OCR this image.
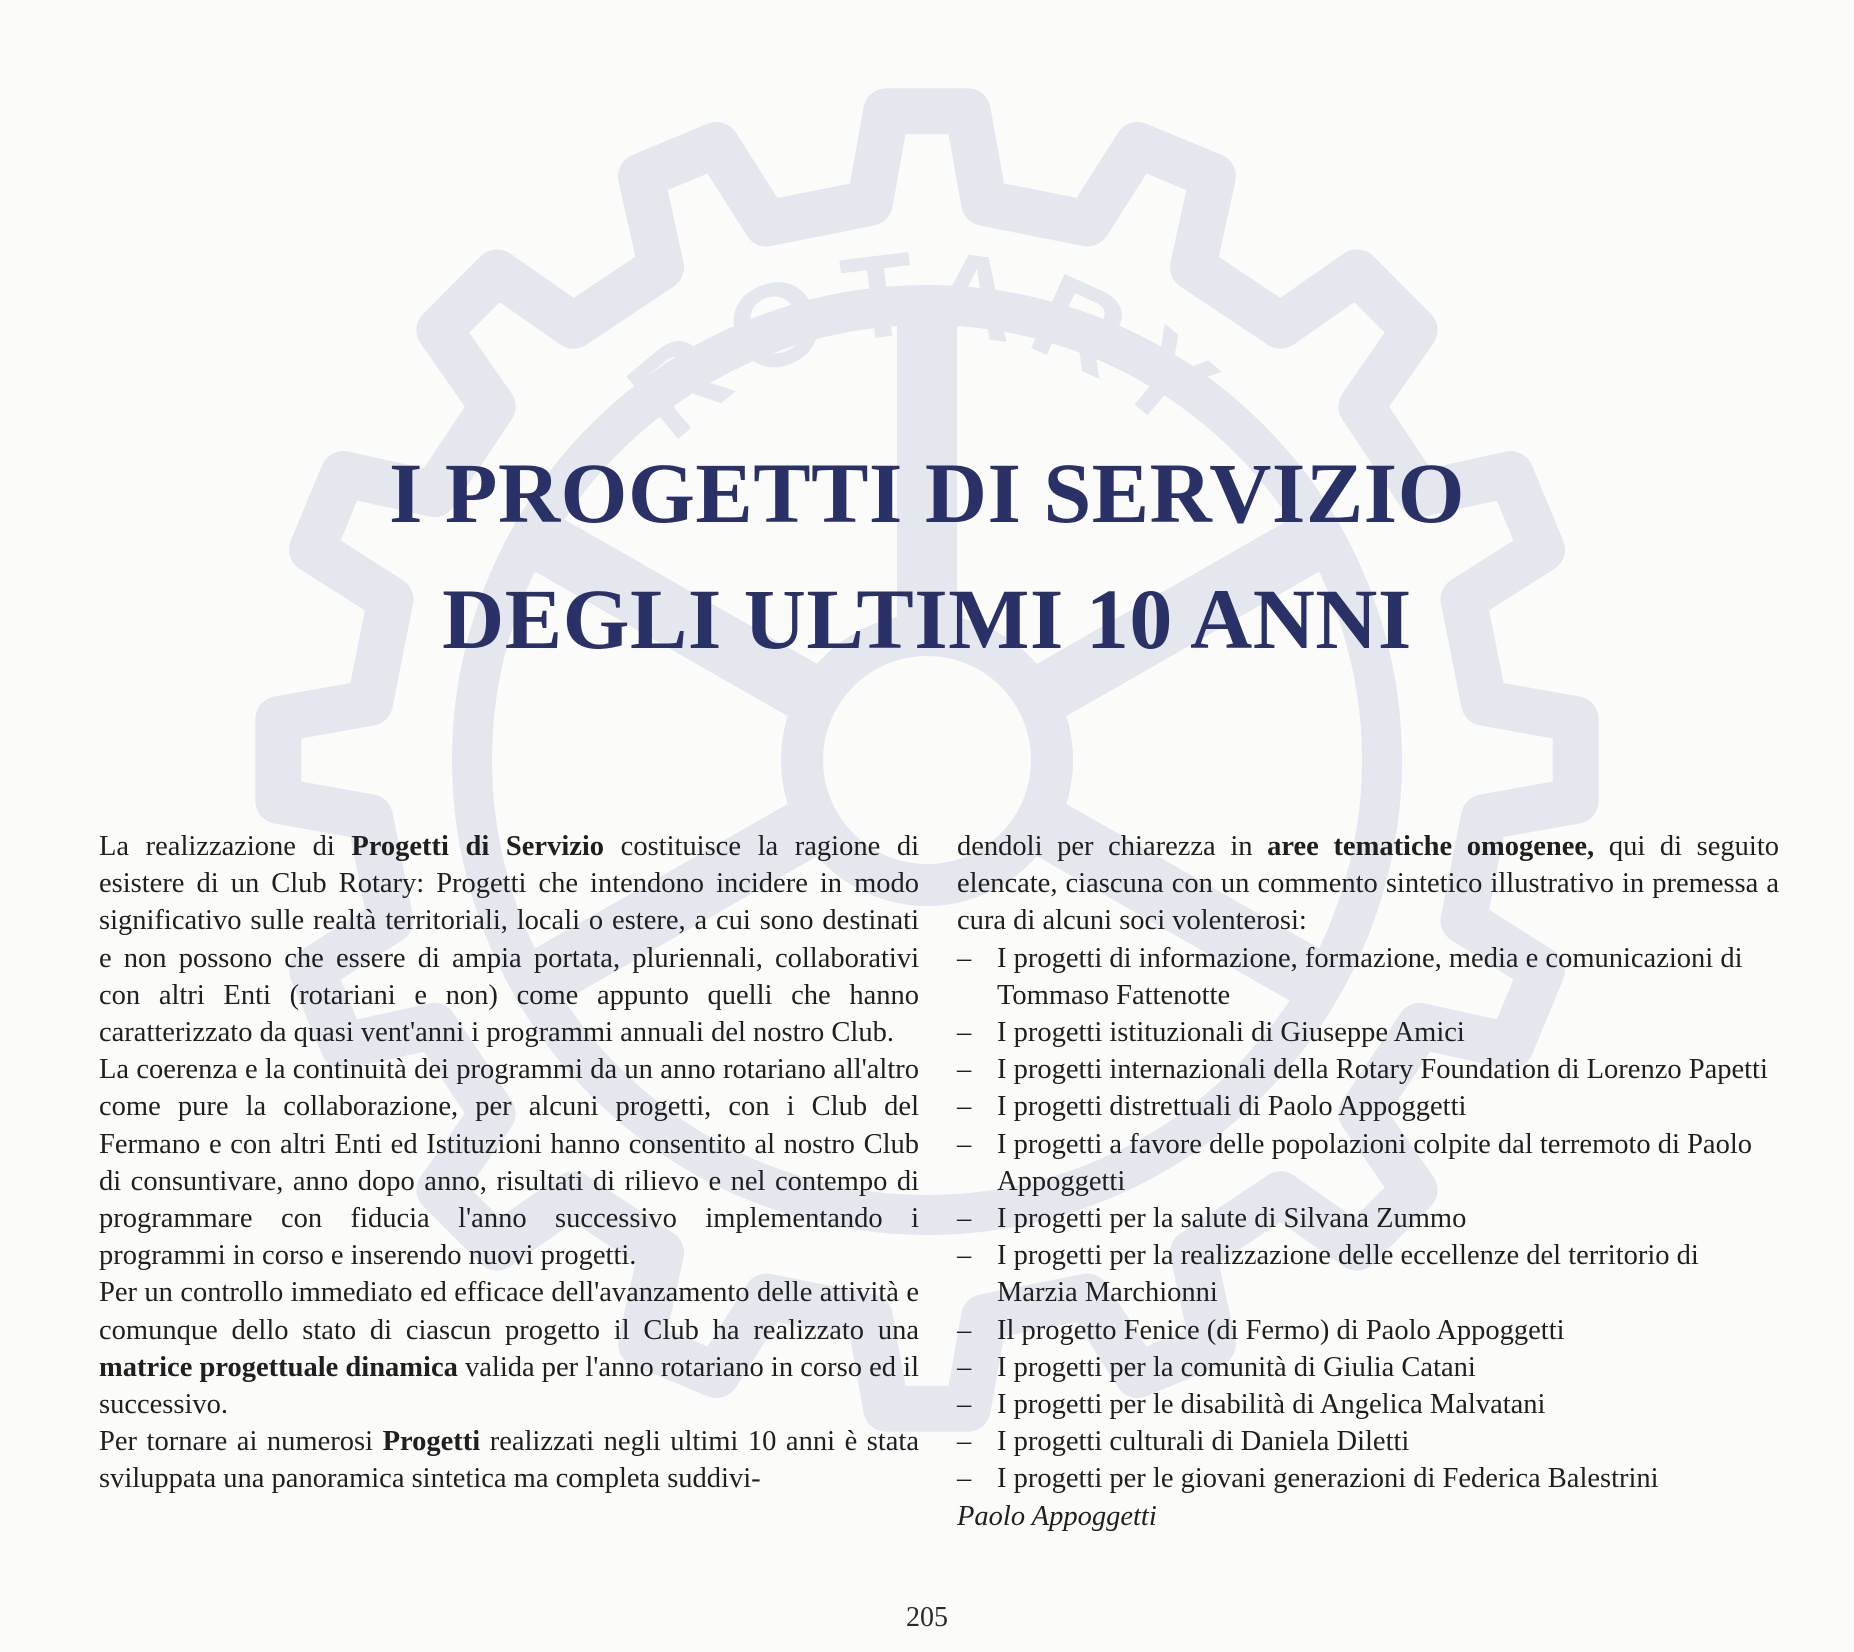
ROTARY
I PROGETTI DI SERVIZIO
DEGLI ULTIMI 10 ANNI

La realizzazione di Progetti di Servizio costituisce la ragione di esistere di un Club Rotary: Progetti che intendono incidere in modo significativo sulle realtà territoriali, locali o estere, a cui sono destinati e non possono che essere di ampia portata, pluriennali, collaborativi con altri Enti (rotariani e non) come appunto quelli che hanno caratterizzato da quasi vent'anni i programmi annuali del nostro Club.

La coerenza e la continuità dei programmi da un anno rotariano all'altro come pure la collaborazione, per alcuni progetti, con i Club del Fermano e con altri Enti ed Istituzioni hanno consentito al nostro Club di consuntivare, anno dopo anno, risultati di rilievo e nel contempo di programmare con fiducia l'anno successivo implementando i programmi in corso e inserendo nuovi progetti.

Per un controllo immediato ed efficace dell'avanzamento delle attività e comunque dello stato di ciascun progetto il Club ha realizzato una matrice progettuale dinamica valida per l'anno rotariano in corso ed il successivo.

Per tornare ai numerosi Progetti realizzati negli ultimi 10 anni è stata sviluppata una panoramica sintetica ma completa suddivi-

dendoli per chiarezza in aree tematiche omogenee, qui di seguito elencate, ciascuna con un commento sintetico illustrativo in premessa a cura di alcuni soci volenterosi:

– I progetti di informazione, formazione, media e comunicazioni di Tommaso Fattenotte
– I progetti istituzionali di Giuseppe Amici
– I progetti internazionali della Rotary Foundation di Lorenzo Papetti
– I progetti distrettuali di Paolo Appoggetti
– I progetti a favore delle popolazioni colpite dal terremoto di Paolo Appoggetti
– I progetti per la salute di Silvana Zummo
– I progetti per la realizzazione delle eccellenze del territorio di Marzia Marchionni
– Il progetto Fenice (di Fermo) di Paolo Appoggetti
– I progetti per la comunità di Giulia Catani
– I progetti per le disabilità di Angelica Malvatani
– I progetti culturali di Daniela Diletti
– I progetti per le giovani generazioni di Federica Balestrini

Paolo Appoggetti

205
